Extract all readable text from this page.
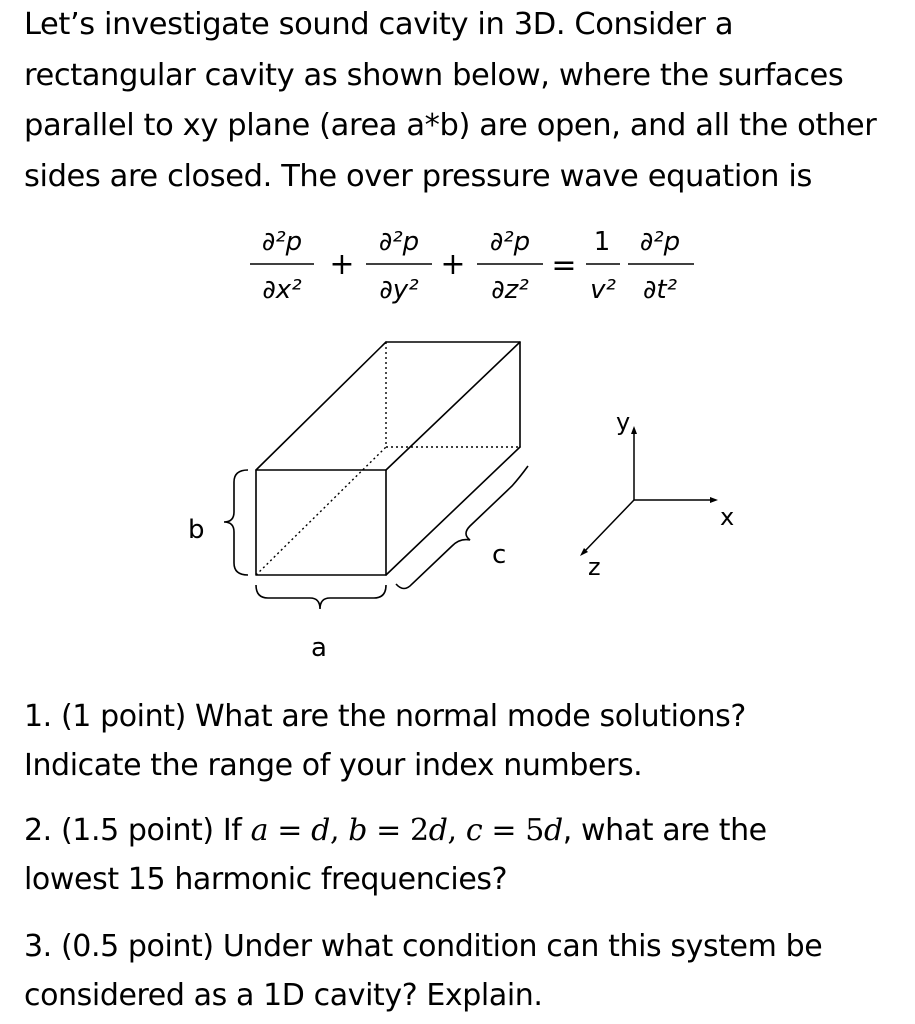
Let’s investigate sound cavity in 3D. Consider a

rectangular cavity as shown below, where the surfaces

parallel to xy plane (area a*b) are open, and all the other

sides are closed. The over pressure wave equation is

∂²p
∂x²
+
∂²p
∂y²
+
∂²p
∂z²
=
1
v²
∂²p
∂t²
b
a
c
y
x
z

1. (1 point) What are the normal mode solutions?
Indicate the range of your index numbers.

2. (1.5 point) If a = d, b = 2d, c = 5d, what are the
lowest 15 harmonic frequencies?

3. (0.5 point) Under what condition can this system be
considered as a 1D cavity? Explain.
